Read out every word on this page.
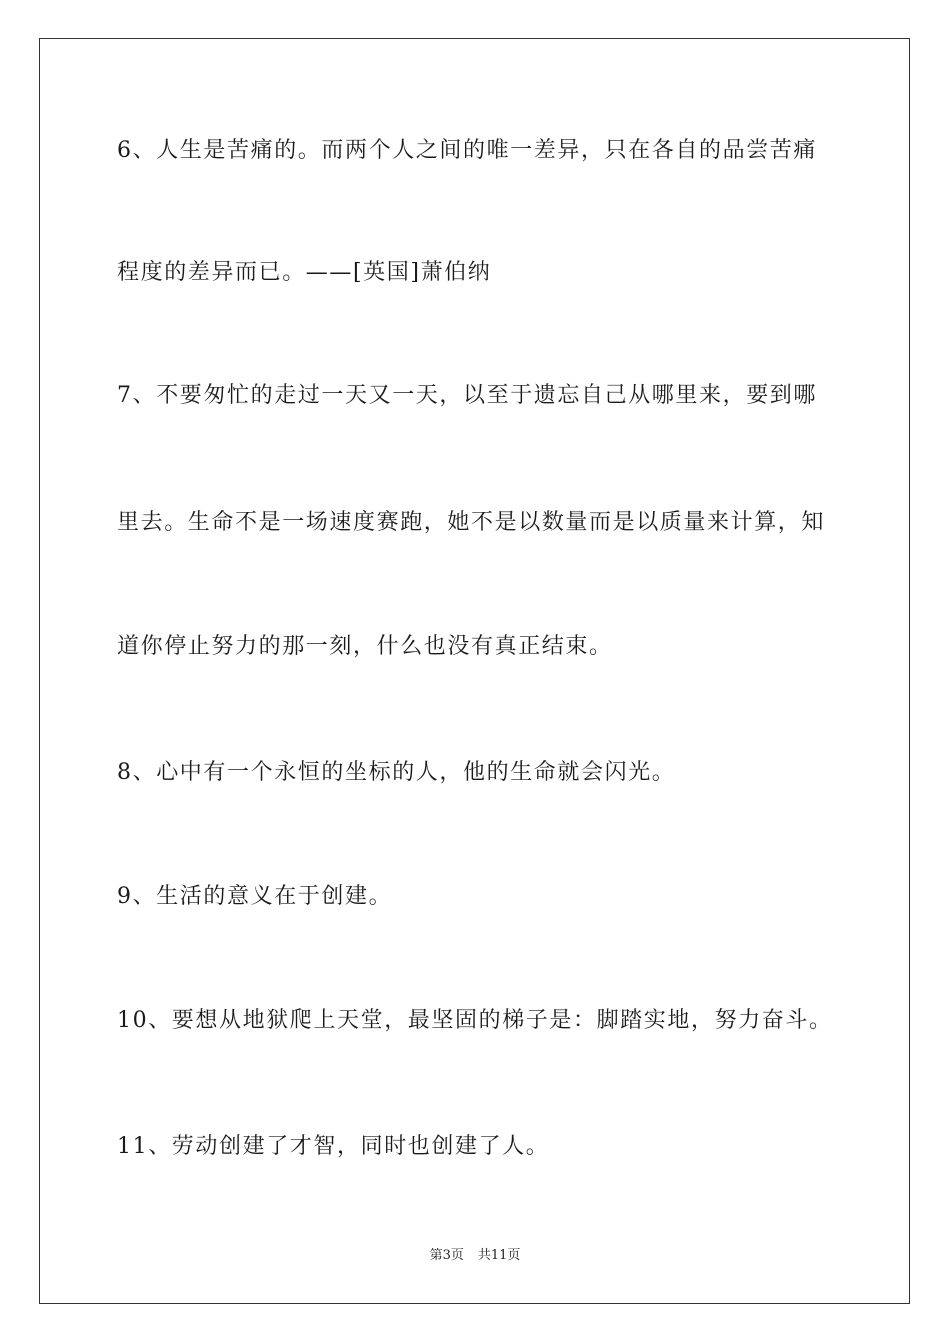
6、人生是苦痛的。而两个人之间的唯一差异，只在各自的品尝苦痛
程度的差异而已。——[英国]萧伯纳
7、不要匆忙的走过一天又一天，以至于遗忘自己从哪里来，要到哪
里去。生命不是一场速度赛跑，她不是以数量而是以质量来计算，知
道你停止努力的那一刻，什么也没有真正结束。
8、心中有一个永恒的坐标的人，他的生命就会闪光。
9、生活的意义在于创建。
10、要想从地狱爬上天堂，最坚固的梯子是：脚踏实地，努力奋斗。
11、劳动创建了才智，同时也创建了人。
第3页 共11页
